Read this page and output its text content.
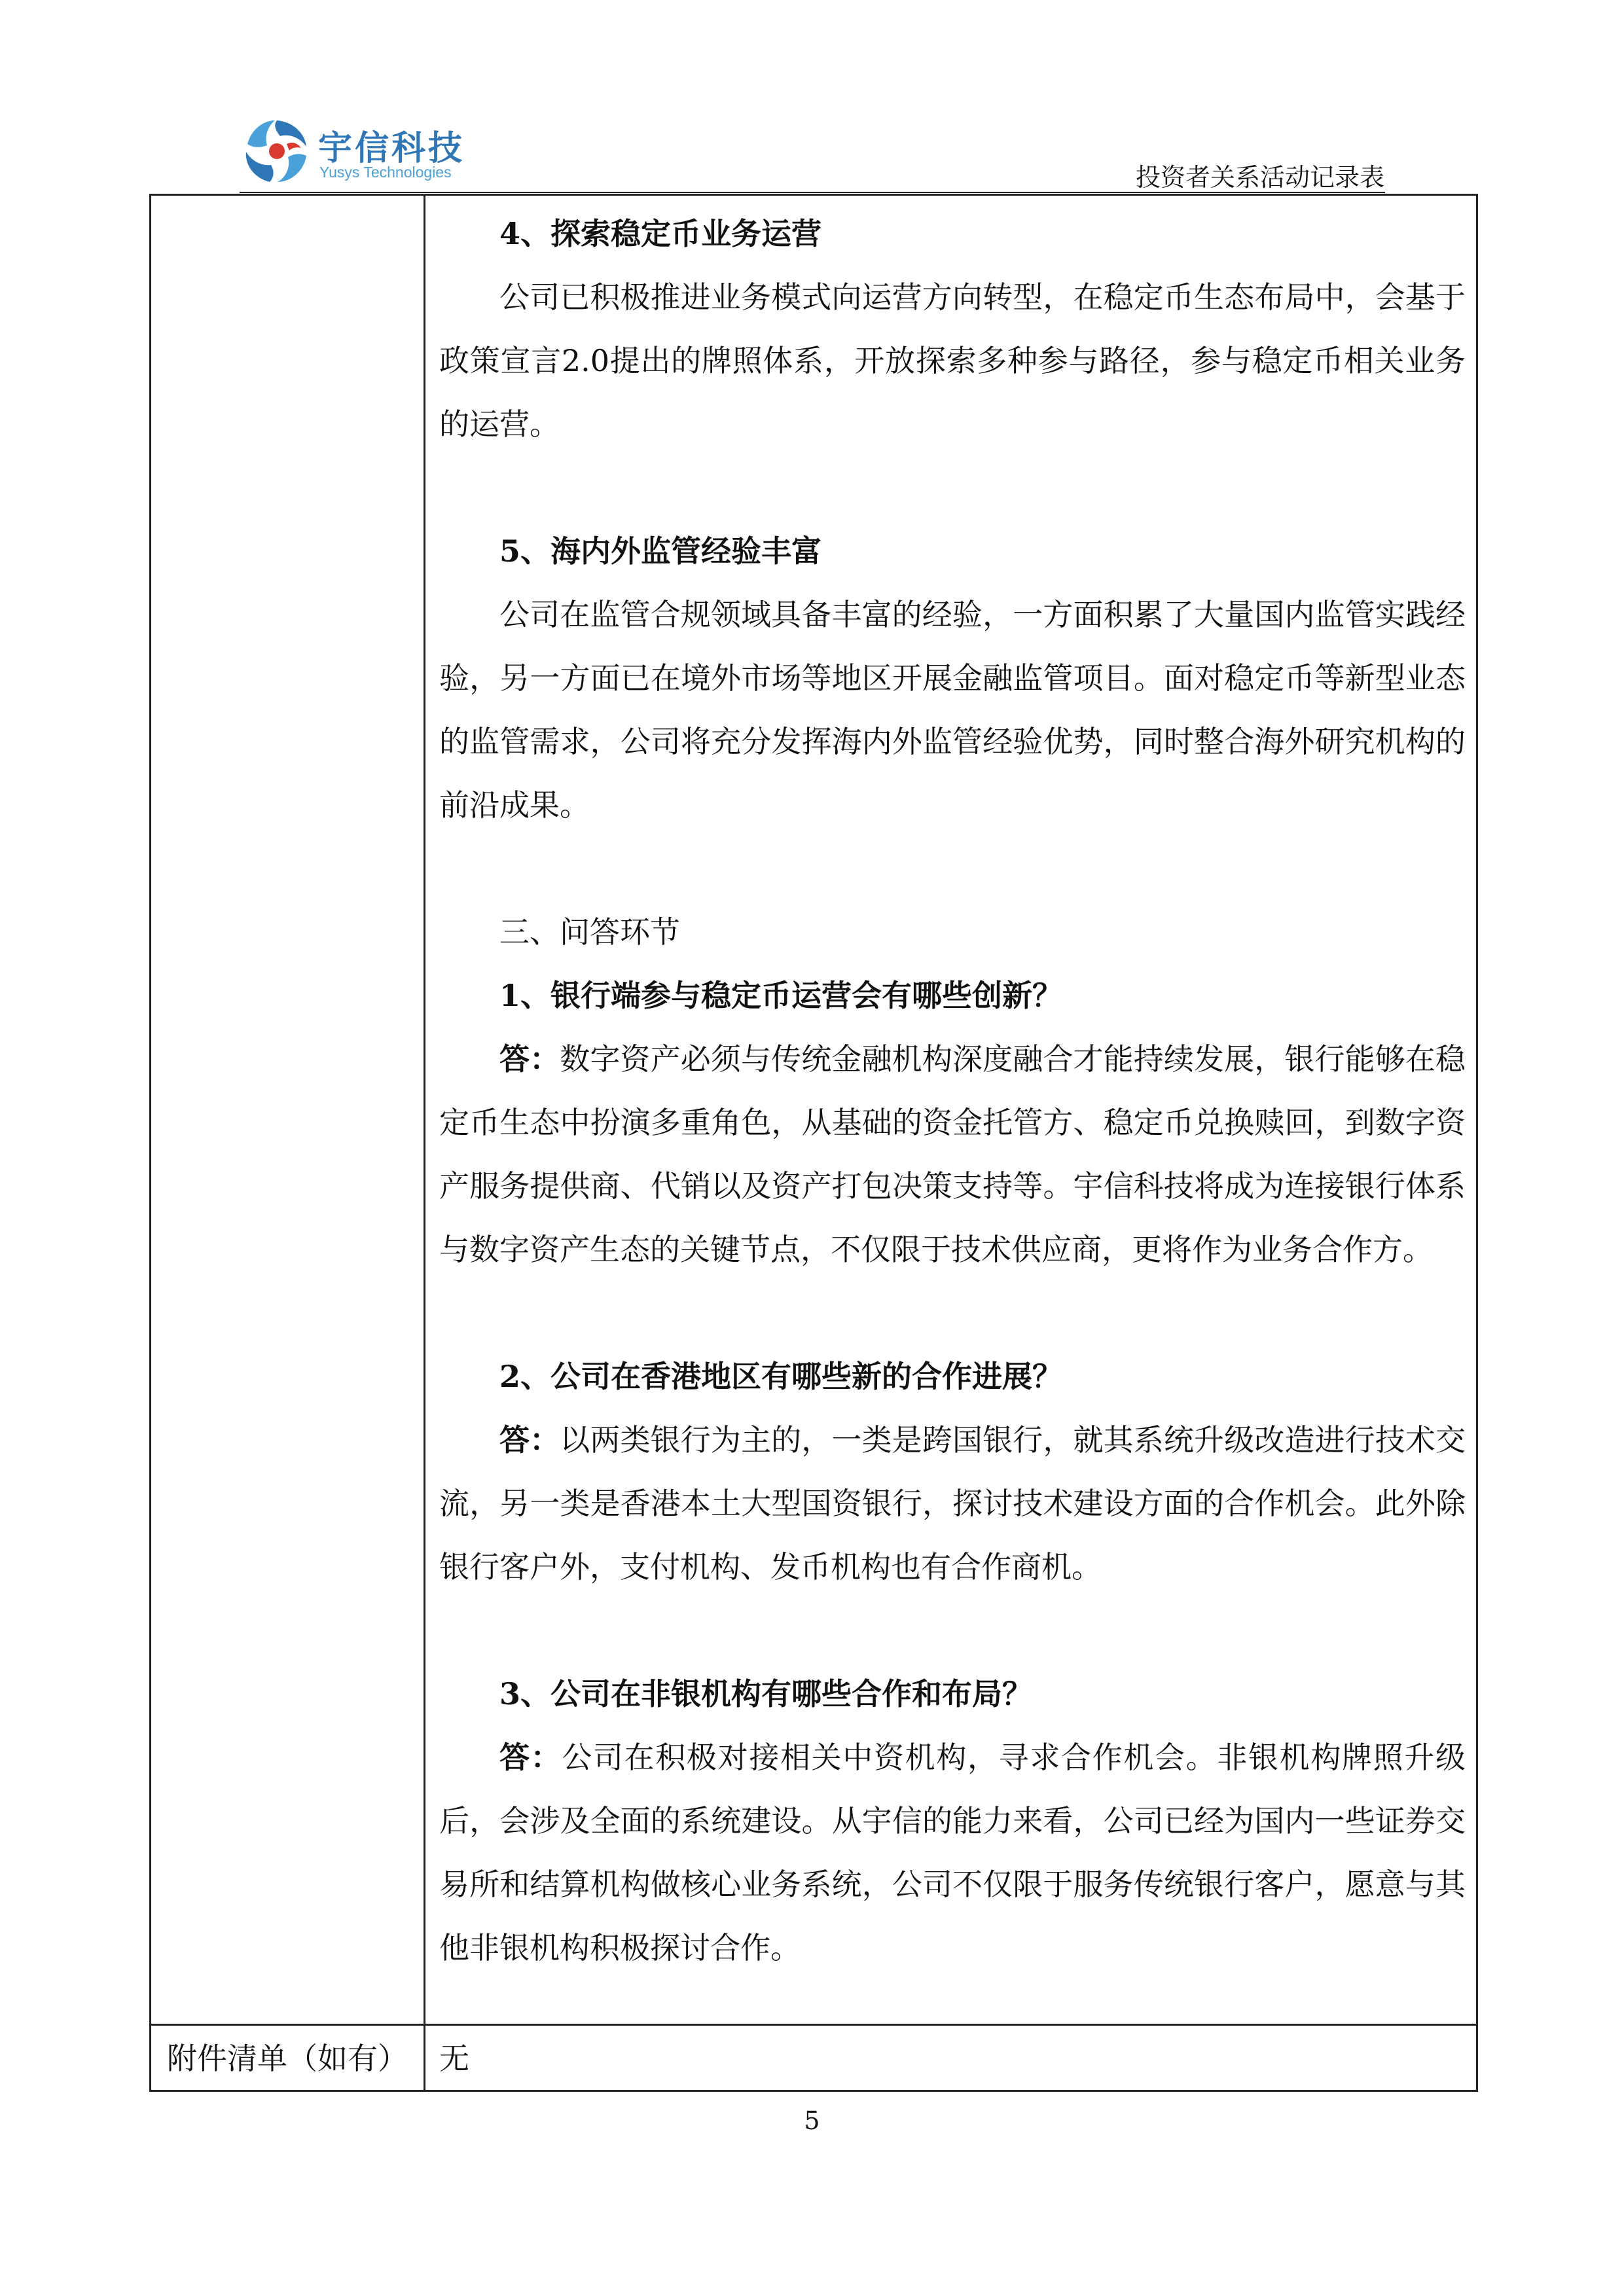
宇信科技
Yusys Technologies	投资者关系活动记录表

4、探索稳定币业务运营

公司已积极推进业务模式向运营方向转型，在稳定币生态布局中，会基于政策宣言2.0提出的牌照体系，开放探索多种参与路径，参与稳定币相关业务的运营。

5、海内外监管经验丰富

公司在监管合规领域具备丰富的经验，一方面积累了大量国内监管实践经验，另一方面已在境外市场等地区开展金融监管项目。面对稳定币等新型业态的监管需求，公司将充分发挥海内外监管经验优势，同时整合海外研究机构的前沿成果。

三、问答环节

1、银行端参与稳定币运营会有哪些创新？

答：数字资产必须与传统金融机构深度融合才能持续发展，银行能够在稳定币生态中扮演多重角色，从基础的资金托管方、稳定币兑换赎回，到数字资产服务提供商、代销以及资产打包决策支持等。宇信科技将成为连接银行体系与数字资产生态的关键节点，不仅限于技术供应商，更将作为业务合作方。

2、公司在香港地区有哪些新的合作进展？

答：以两类银行为主的，一类是跨国银行，就其系统升级改造进行技术交流，另一类是香港本土大型国资银行，探讨技术建设方面的合作机会。此外除银行客户外，支付机构、发币机构也有合作商机。

3、公司在非银机构有哪些合作和布局？

答：公司在积极对接相关中资机构，寻求合作机会。非银机构牌照升级后，会涉及全面的系统建设。从宇信的能力来看，公司已经为国内一些证券交易所和结算机构做核心业务系统，公司不仅限于服务传统银行客户，愿意与其他非银机构积极探讨合作。

附件清单（如有）	无
5
